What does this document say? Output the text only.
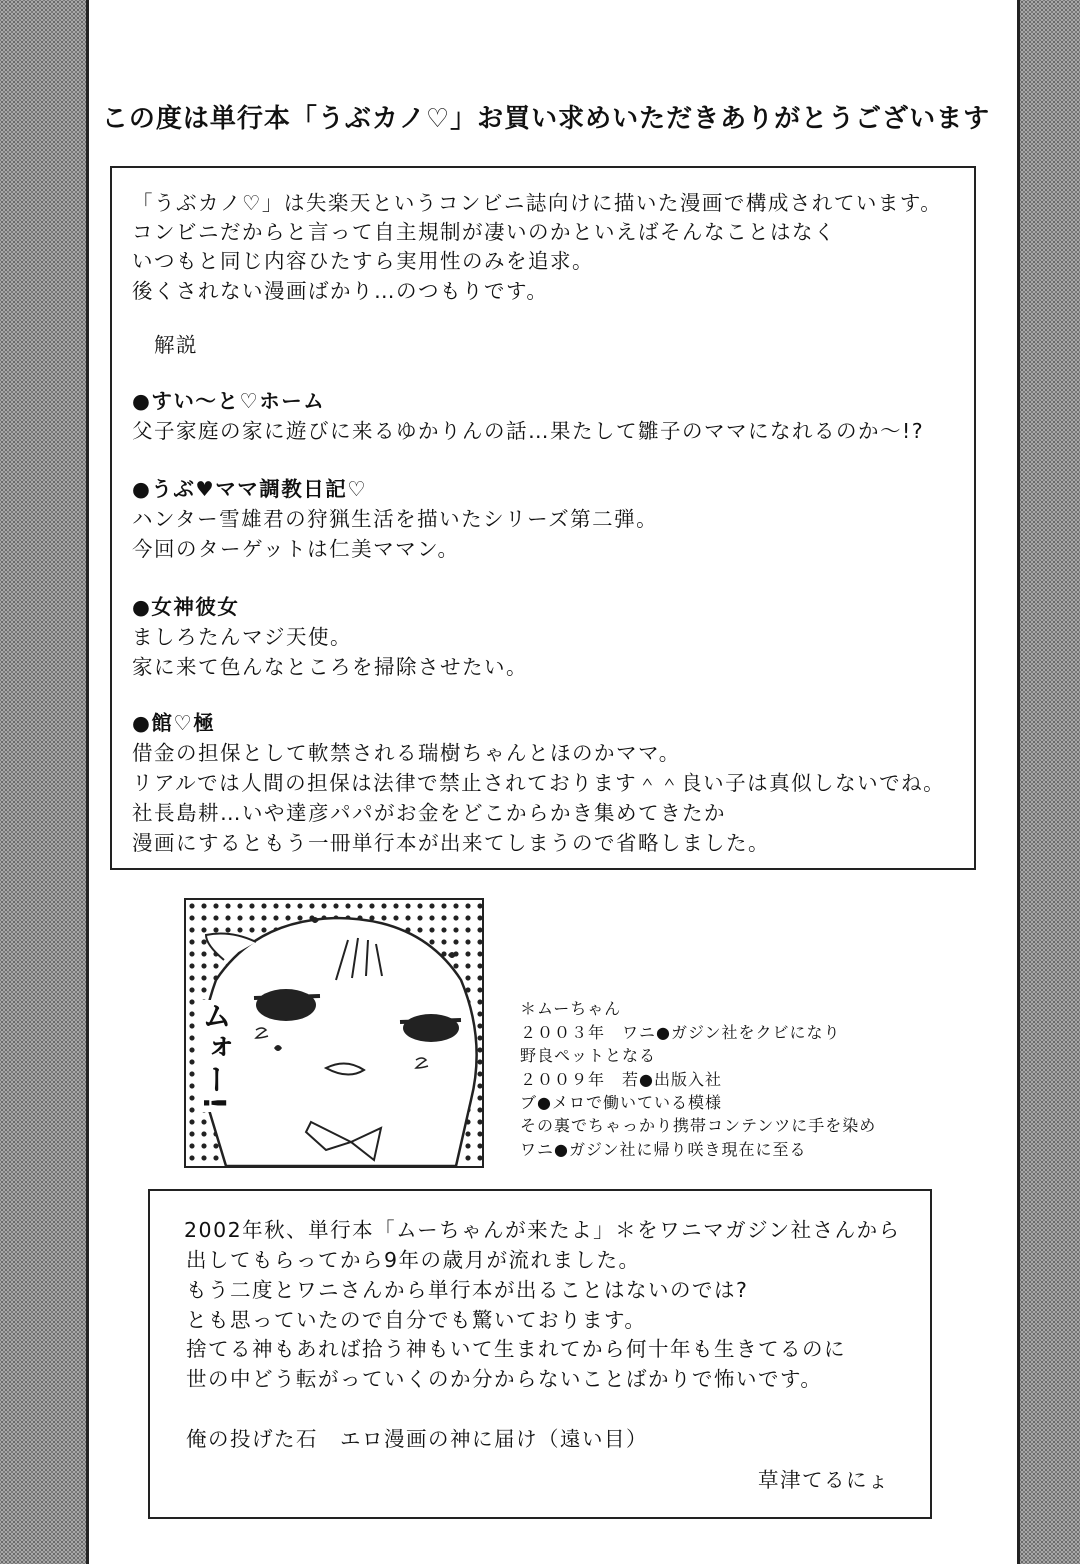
この度は単行本「うぶカノ♡」お買い求めいただきありがとうございます
「うぶカノ♡」は失楽天というコンビニ誌向けに描いた漫画で構成されています。
コンビニだからと言って自主規制が凄いのかといえばそんなことはなく
いつもと同じ内容ひたすら実用性のみを追求。
後くされない漫画ばかり…のつもりです。
解説
●すい～と♡ホーム
父子家庭の家に遊びに来るゆかりんの話…果たして雛子のママになれるのか～!?
●うぶ♥ママ調教日記♡
ハンター雪雄君の狩猟生活を描いたシリーズ第二弾。
今回のターゲットは仁美ママン。
●女神彼女
ましろたんマジ天使。
家に来て色んなところを掃除させたい。
●館♡極
借金の担保として軟禁される瑞樹ちゃんとほのかママ。
リアルでは人間の担保は法律で禁止されております＾＾良い子は真似しないでね。
社長島耕…いや達彦パパがお金をどこからかき集めてきたか
漫画にするともう一冊単行本が出来てしまうので省略しました。
ムォー!	＊ムーちゃん
２００３年　ワニ●ガジン社をクビになり
野良ペットとなる
２００９年　若●出版入社
ブ●メロで働いている模様
その裏でちゃっかり携帯コンテンツに手を染め
ワニ●ガジン社に帰り咲き現在に至る
2002年秋、単行本「ムーちゃんが来たよ」＊をワニマガジン社さんから
出してもらってから9年の歳月が流れました。
もう二度とワニさんから単行本が出ることはないのでは?
とも思っていたので自分でも驚いております。
捨てる神もあれば拾う神もいて生まれてから何十年も生きてるのに
世の中どう転がっていくのか分からないことばかりで怖いです。
俺の投げた石　エロ漫画の神に届け（遠い目）
草津てるにょ
